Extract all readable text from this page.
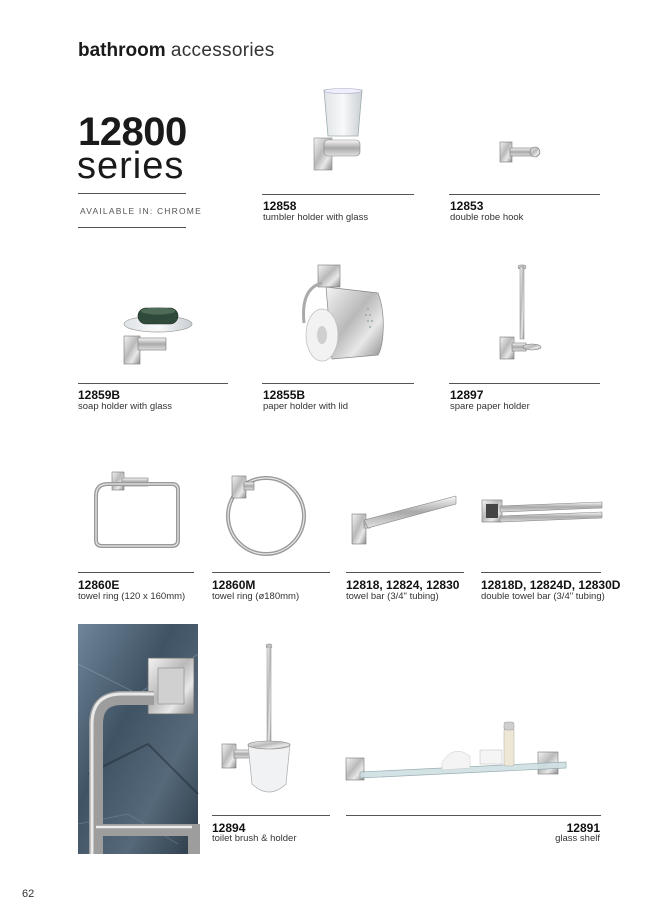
bathroom accessories
12800
series
AVAILABLE IN: CHROME	12858
tumbler holder with glass
12853
double robe hook
12859B
soap holder with glass
12855B
paper holder with lid
12897
spare paper holder
12860E
towel ring (120 x 160mm)
12860M
towel ring (ø180mm)
12818, 12824, 12830
towel bar (3/4" tubing)
12818D, 12824D, 12830D
double towel bar (3/4" tubing)
12894
toilet brush & holder
12891
glass shelf
62
